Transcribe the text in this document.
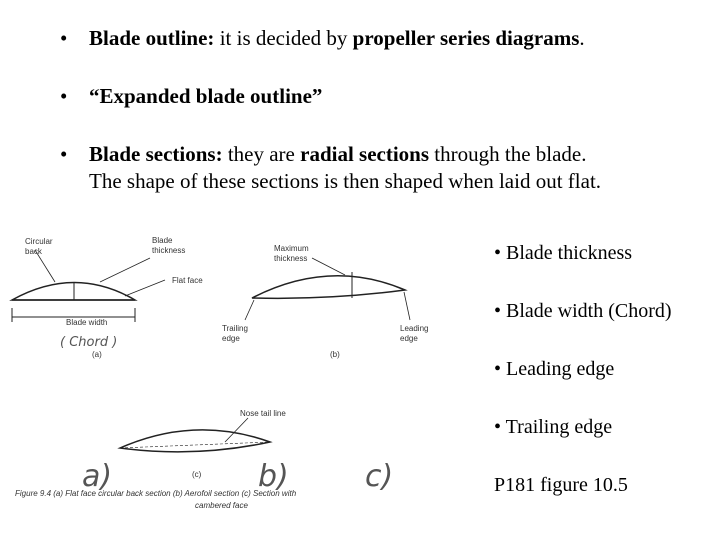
• Blade outline: it is decided by propeller series diagrams.
• “Expanded blade outline”
• Blade sections: they are radial sections through the blade.
The shape of these sections is then shaped when laid out flat.
Circular
back
Blade
thickness
Flat face
Blade width
( Chord )
(a)
Maximum
thickness
Trailing
edge
Leading
edge
(b)
Nose tail line
(c)
a)	b)	c)
Figure 9.4 (a) Flat face circular back section (b) Aerofoil section (c) Section with
cambered face
• Blade thickness
• Blade width (Chord)
• Leading edge
• Trailing edge
P181 figure 10.5
